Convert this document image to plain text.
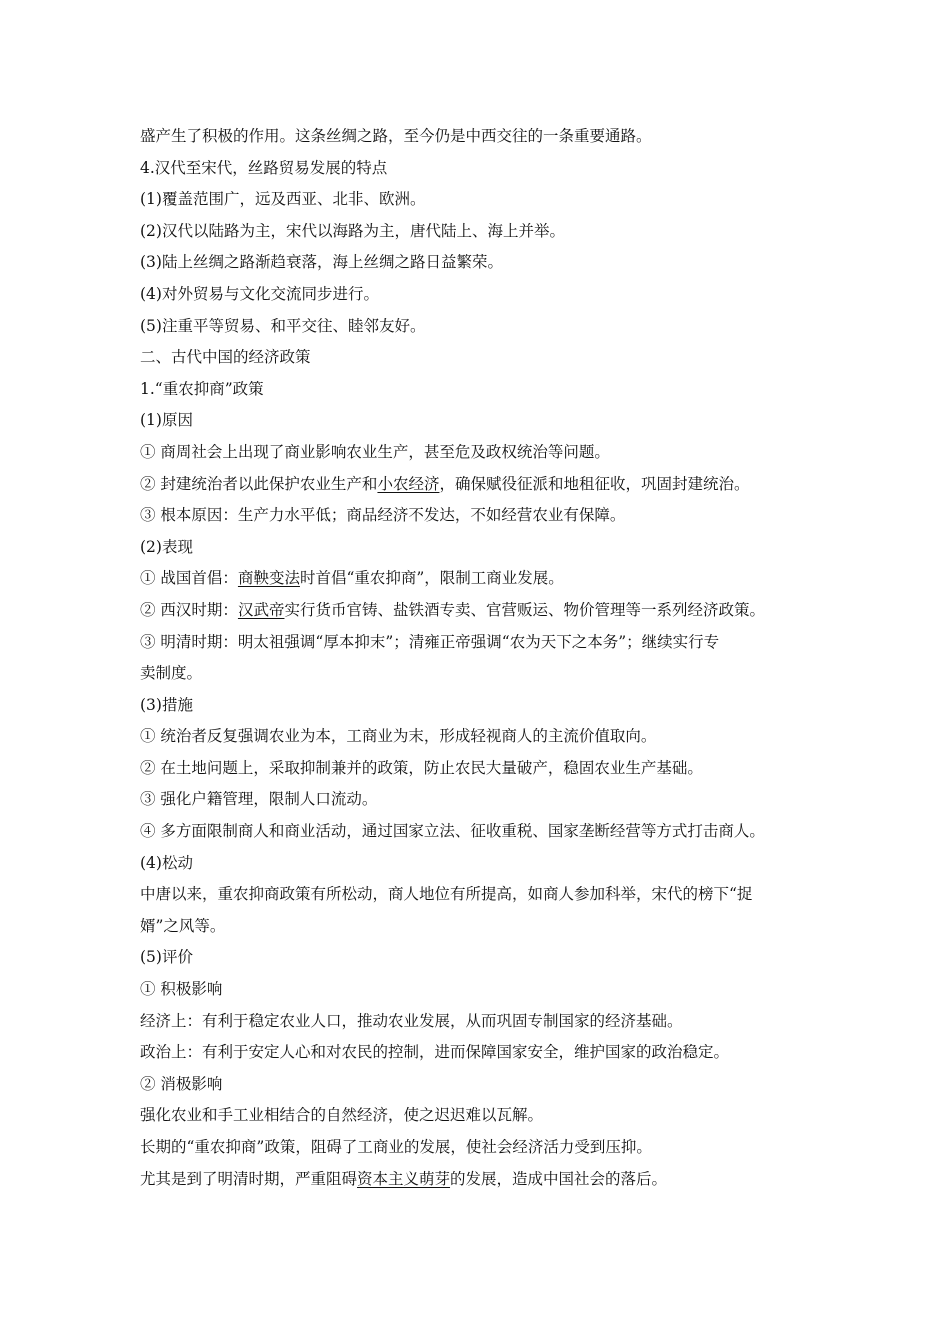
盛产生了积极的作用。这条丝绸之路，至今仍是中西交往的一条重要通路。
4.汉代至宋代，丝路贸易发展的特点
(1)覆盖范围广，远及西亚、北非、欧洲。
(2)汉代以陆路为主，宋代以海路为主，唐代陆上、海上并举。
(3)陆上丝绸之路渐趋衰落，海上丝绸之路日益繁荣。
(4)对外贸易与文化交流同步进行。
(5)注重平等贸易、和平交往、睦邻友好。
二、古代中国的经济政策
1.“重农抑商”政策
(1)原因
① 商周社会上出现了商业影响农业生产，甚至危及政权统治等问题。
② 封建统治者以此保护农业生产和小农经济，确保赋役征派和地租征收，巩固封建统治。
③ 根本原因：生产力水平低；商品经济不发达，不如经营农业有保障。
(2)表现
① 战国首倡：商鞅变法时首倡“重农抑商”，限制工商业发展。
② 西汉时期：汉武帝实行货币官铸、盐铁酒专卖、官营贩运、物价管理等一系列经济政策。
③ 明清时期：明太祖强调“厚本抑末”；清雍正帝强调“农为天下之本务”；继续实行专
卖制度。
(3)措施
① 统治者反复强调农业为本，工商业为末，形成轻视商人的主流价值取向。
② 在土地问题上，采取抑制兼并的政策，防止农民大量破产，稳固农业生产基础。
③ 强化户籍管理，限制人口流动。
④ 多方面限制商人和商业活动，通过国家立法、征收重税、国家垄断经营等方式打击商人。
(4)松动
中唐以来，重农抑商政策有所松动，商人地位有所提高，如商人参加科举，宋代的榜下“捉
婿”之风等。
(5)评价
① 积极影响
经济上：有利于稳定农业人口，推动农业发展，从而巩固专制国家的经济基础。
政治上：有利于安定人心和对农民的控制，进而保障国家安全，维护国家的政治稳定。
② 消极影响
强化农业和手工业相结合的自然经济，使之迟迟难以瓦解。
长期的“重农抑商”政策，阻碍了工商业的发展，使社会经济活力受到压抑。
尤其是到了明清时期，严重阻碍资本主义萌芽的发展，造成中国社会的落后。
